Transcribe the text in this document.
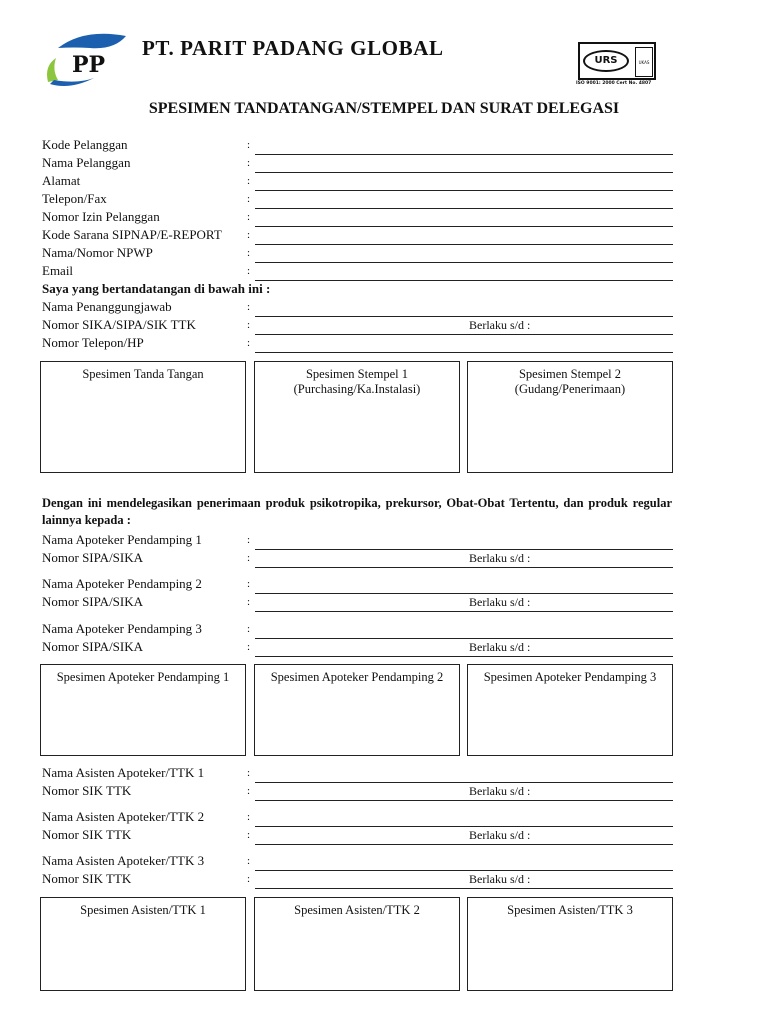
PP
PT. PARIT PADANG GLOBAL
URS	UKAS
ISO 9001: 2000 Cert No. 4807
SPESIMEN TANDATANGAN/STEMPEL DAN SURAT DELEGASI
Kode Pelanggan	:
Nama Pelanggan	:
Alamat	:
Telepon/Fax	:
Nomor Izin Pelanggan	:
Kode Sarana SIPNAP/E-REPORT :
Nama/Nomor NPWP	:
Email	:
Saya yang bertandatangan di bawah ini :
Nama Penanggungjawab	:
Nomor SIKA/SIPA/SIK TTK	:	Berlaku s/d :
Nomor Telepon/HP	:
Spesimen Tanda Tangan	Spesimen Stempel 1
(Purchasing/Ka.Instalasi)
Spesimen Stempel 2
(Gudang/Penerimaan)
Dengan ini mendelegasikan penerimaan produk psikotropika, prekursor, Obat-Obat Tertentu, dan produk regular lainnya kepada :
Nama Apoteker Pendamping 1	:
Nomor SIPA/SIKA	:	Berlaku s/d :
Nama Apoteker Pendamping 2	:
Nomor SIPA/SIKA	:	Berlaku s/d :
Nama Apoteker Pendamping 3	:
Nomor SIPA/SIKA	:	Berlaku s/d :
Spesimen Apoteker Pendamping 1	Spesimen Apoteker Pendamping 2	Spesimen Apoteker Pendamping 3
Nama Asisten Apoteker/TTK 1	:
Nomor SIK TTK	:	Berlaku s/d :
Nama Asisten Apoteker/TTK 2	:
Nomor SIK TTK	:	Berlaku s/d :
Nama Asisten Apoteker/TTK 3	:
Nomor SIK TTK	:	Berlaku s/d :
Spesimen Asisten/TTK 1	Spesimen Asisten/TTK 2	Spesimen Asisten/TTK 3
